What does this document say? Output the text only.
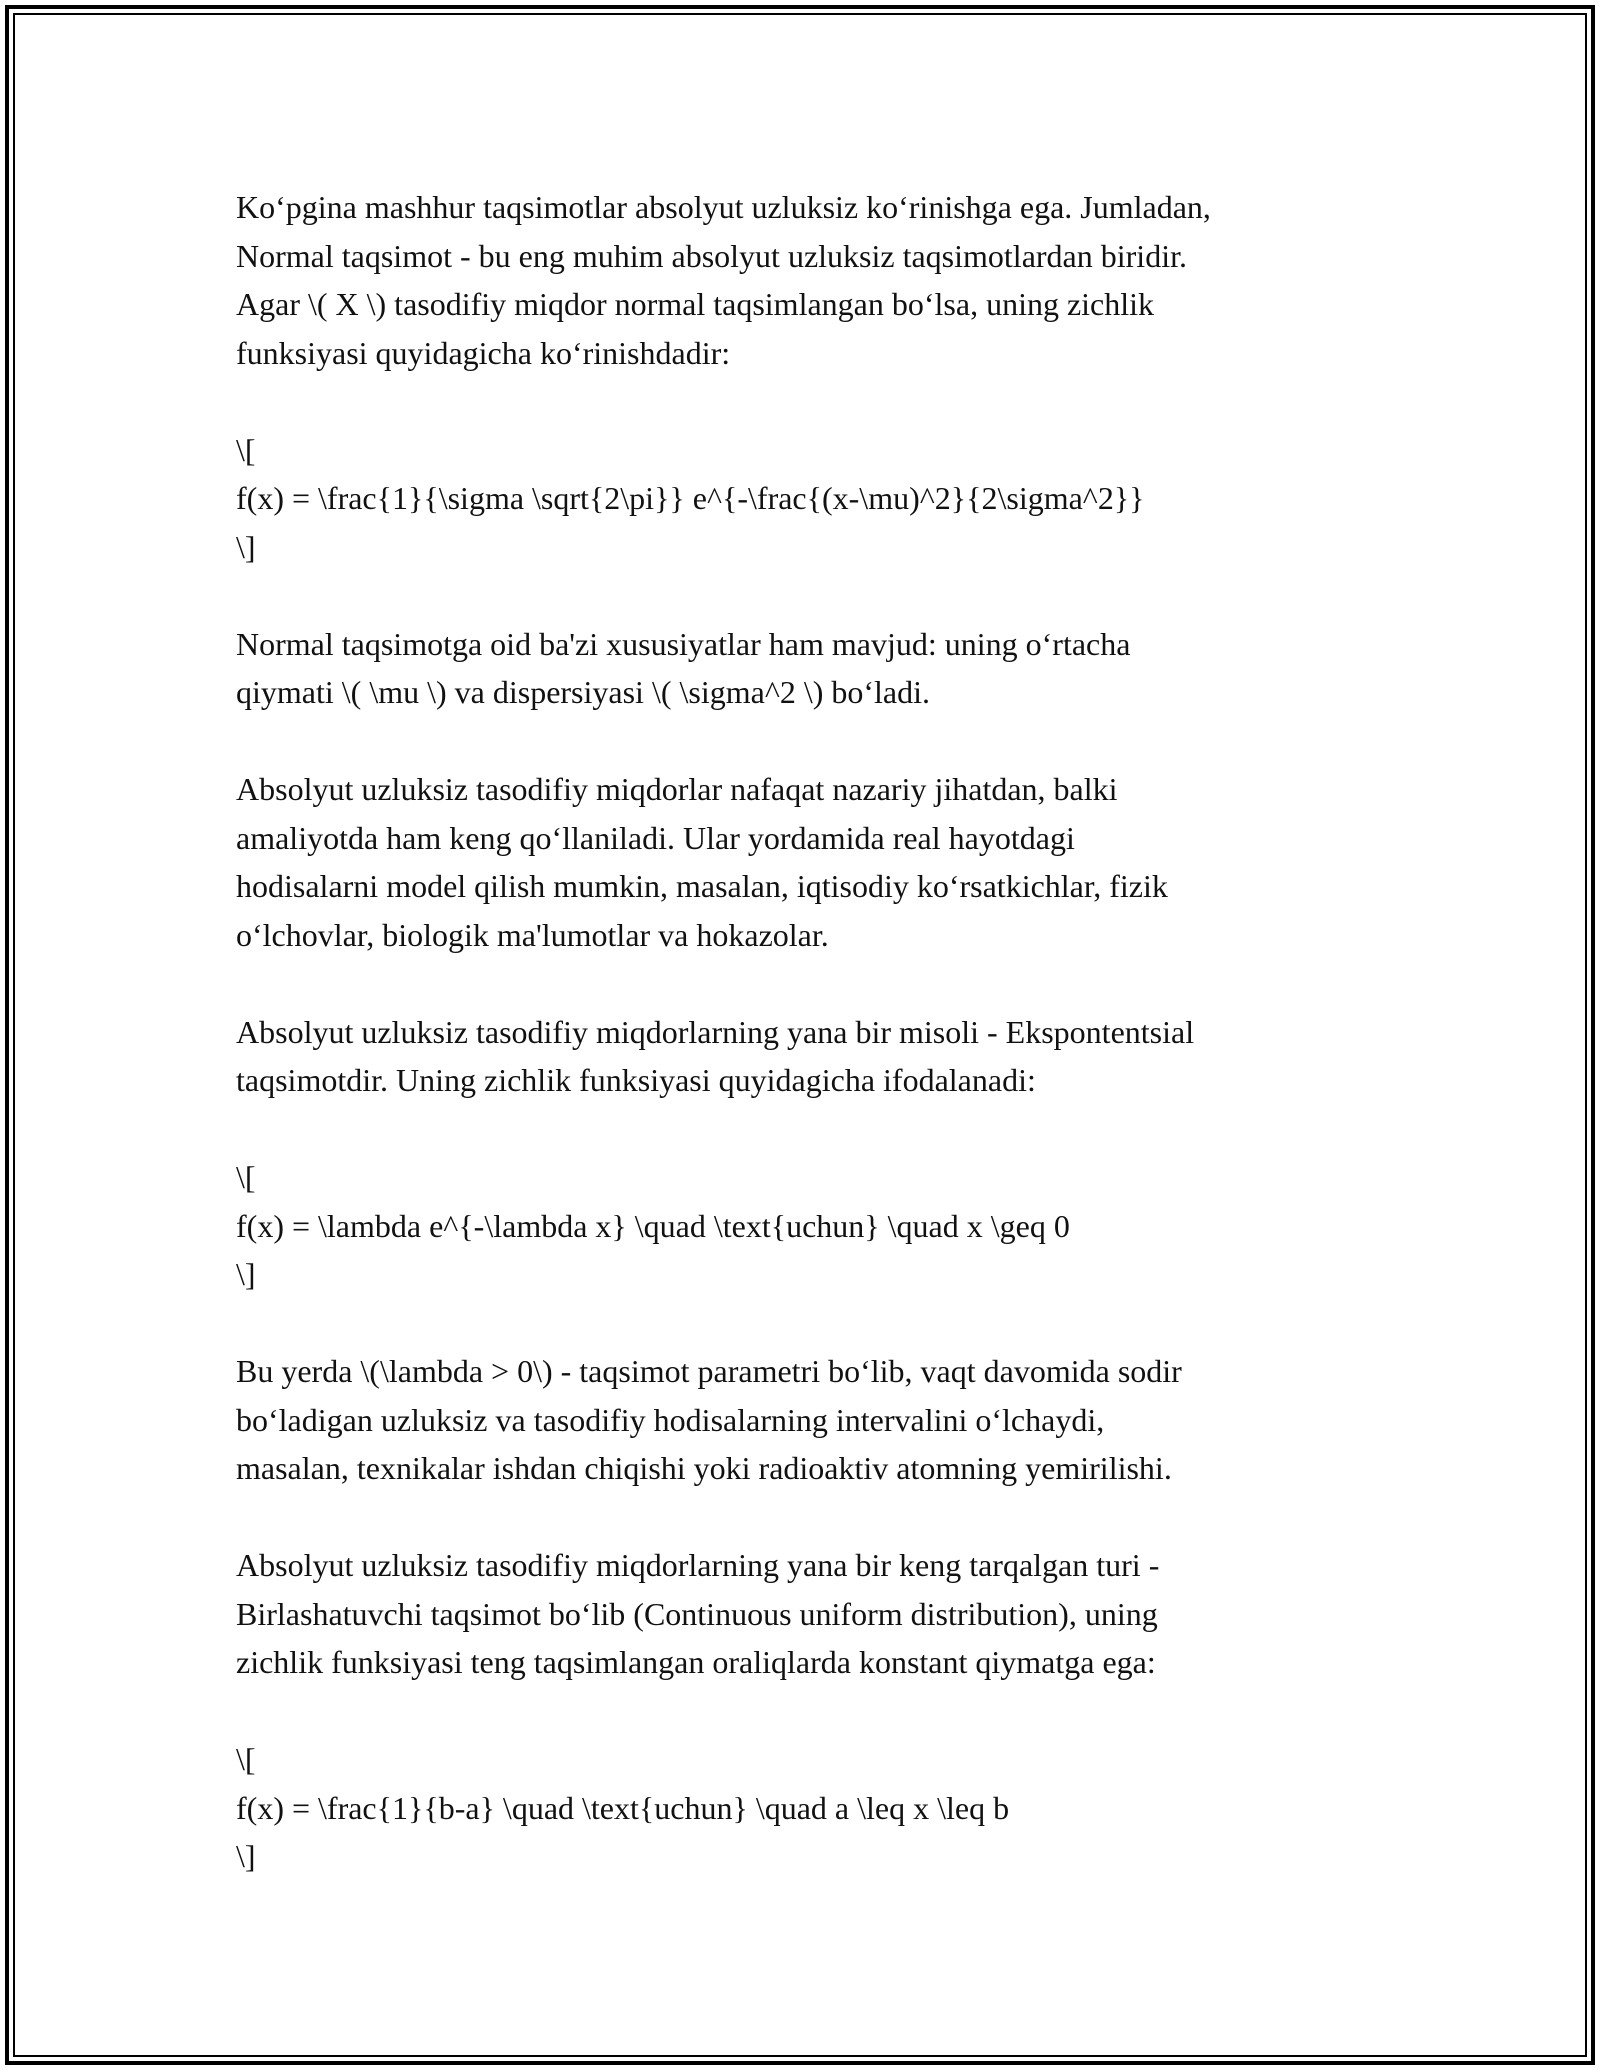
Koʻpgina mashhur taqsimotlar absolyut uzluksiz koʻrinishga ega. Jumladan,
Normal taqsimot - bu eng muhim absolyut uzluksiz taqsimotlardan biridir.
Agar \( X \) tasodifiy miqdor normal taqsimlangan boʻlsa, uning zichlik
funksiyasi quyidagicha koʻrinishdadir:
\[
f(x) = \frac{1}{\sigma \sqrt{2\pi}} e^{-\frac{(x-\mu)^2}{2\sigma^2}}
\]
Normal taqsimotga oid ba'zi xususiyatlar ham mavjud: uning oʻrtacha
qiymati \( \mu \) va dispersiyasi \( \sigma^2 \) boʻladi.
Absolyut uzluksiz tasodifiy miqdorlar nafaqat nazariy jihatdan, balki
amaliyotda ham keng qoʻllaniladi. Ular yordamida real hayotdagi
hodisalarni model qilish mumkin, masalan, iqtisodiy koʻrsatkichlar, fizik
oʻlchovlar, biologik ma'lumotlar va hokazolar.
Absolyut uzluksiz tasodifiy miqdorlarning yana bir misoli - Ekspontentsial
taqsimotdir. Uning zichlik funksiyasi quyidagicha ifodalanadi:
\[
f(x) = \lambda e^{-\lambda x} \quad \text{uchun} \quad x \geq 0
\]
Bu yerda \(\lambda > 0\) - taqsimot parametri boʻlib, vaqt davomida sodir
boʻladigan uzluksiz va tasodifiy hodisalarning intervalini oʻlchaydi,
masalan, texnikalar ishdan chiqishi yoki radioaktiv atomning yemirilishi.
Absolyut uzluksiz tasodifiy miqdorlarning yana bir keng tarqalgan turi -
Birlashatuvchi taqsimot boʻlib (Continuous uniform distribution), uning
zichlik funksiyasi teng taqsimlangan oraliqlarda konstant qiymatga ega:
\[
f(x) = \frac{1}{b-a} \quad \text{uchun} \quad a \leq x \leq b
\]
